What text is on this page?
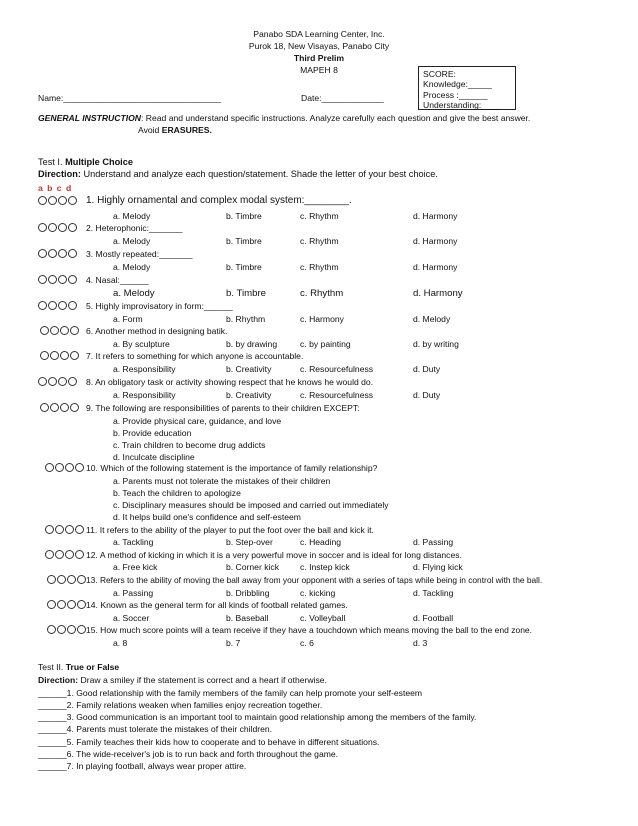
Panabo SDA Learning Center, Inc.
Purok 18, New Visayas, Panabo City
Third Prelim
MAPEH 8	SCORE:
Knowledge:_____
Process :______
Understanding:____
Name:_________________________________	Date:_____________
GENERAL INSTRUCTION: Read and understand specific instructions. Analyze carefully each question and give the best answer.
Avoid ERASURES.
Test I. Multiple Choice
Direction: Understand and analyze each question/statement. Shade the letter of your best choice.
a b c d
1. Highly ornamental and complex modal system:________.
a. Melody	b. Timbre	c. Rhythm	d. Harmony
2. Heterophonic:_______
a. Melody	b. Timbre	c. Rhythm	d. Harmony
3. Mostly repeated:_______
a. Melody	b. Timbre	c. Rhythm	d. Harmony
4. Nasal:______
a. Melody	b. Timbre	c. Rhythm	d. Harmony
5. Highly improvisatory in form:______
a. Form	b. Rhythm	c. Harmony	d. Melody
6. Another method in designing batik.
a. By sculpture	b. by drawing	c. by painting	d. by writing
7. It refers to something for which anyone is accountable.
a. Responsibility	b. Creativity	c. Resourcefulness	d. Duty
8. An obligatory task or activity showing respect that he knows he would do.
a. Responsibility	b. Creativity	c. Resourcefulness	d. Duty
9. The following are responsibilities of parents to their children EXCEPT:
a. Provide physical care, guidance, and love
b. Provide education
c. Train children to become drug addicts
d. Inculcate discipline
10. Which of the following statement is the importance of family relationship?
a. Parents must not tolerate the mistakes of their children
b. Teach the children to apologize
c. Disciplinary measures should be imposed and carried out immediately
d. It helps build one's confidence and self-esteem
11. It refers to the ability of the player to put the foot over the ball and kick it.
a. Tackling	b. Step-over	c. Heading	d. Passing
12. A method of kicking in which it is a very powerful move in soccer and is ideal for long distances.
a. Free kick	b. Corner kick c. Instep kick	d. Flying kick
13. Refers to the ability of moving the ball away from your opponent with a series of taps while being in control with the ball.
a. Passing	b. Dribbling	c. kicking	d. Tackling
14. Known as the general term for all kinds of football related games.
a. Soccer	b. Baseball	c. Volleyball	d. Football
15. How much score points will a team receive if they have a touchdown which means moving the ball to the end zone.
a. 8	b. 7	c. 6	d. 3
Test II. True or False
Direction: Draw a smiley if the statement is correct and a heart if otherwise.
______1. Good relationship with the family members of the family can help promote your self-esteem
______2. Family relations weaken when families enjoy recreation together.
______3. Good communication is an important tool to maintain good relationship among the members of the family.
______4. Parents must tolerate the mistakes of their children.
______5. Family teaches their kids how to cooperate and to behave in different situations.
______6. The wide-receiver's job is to run back and forth throughout the game.
______7. In playing football, always wear proper attire.
